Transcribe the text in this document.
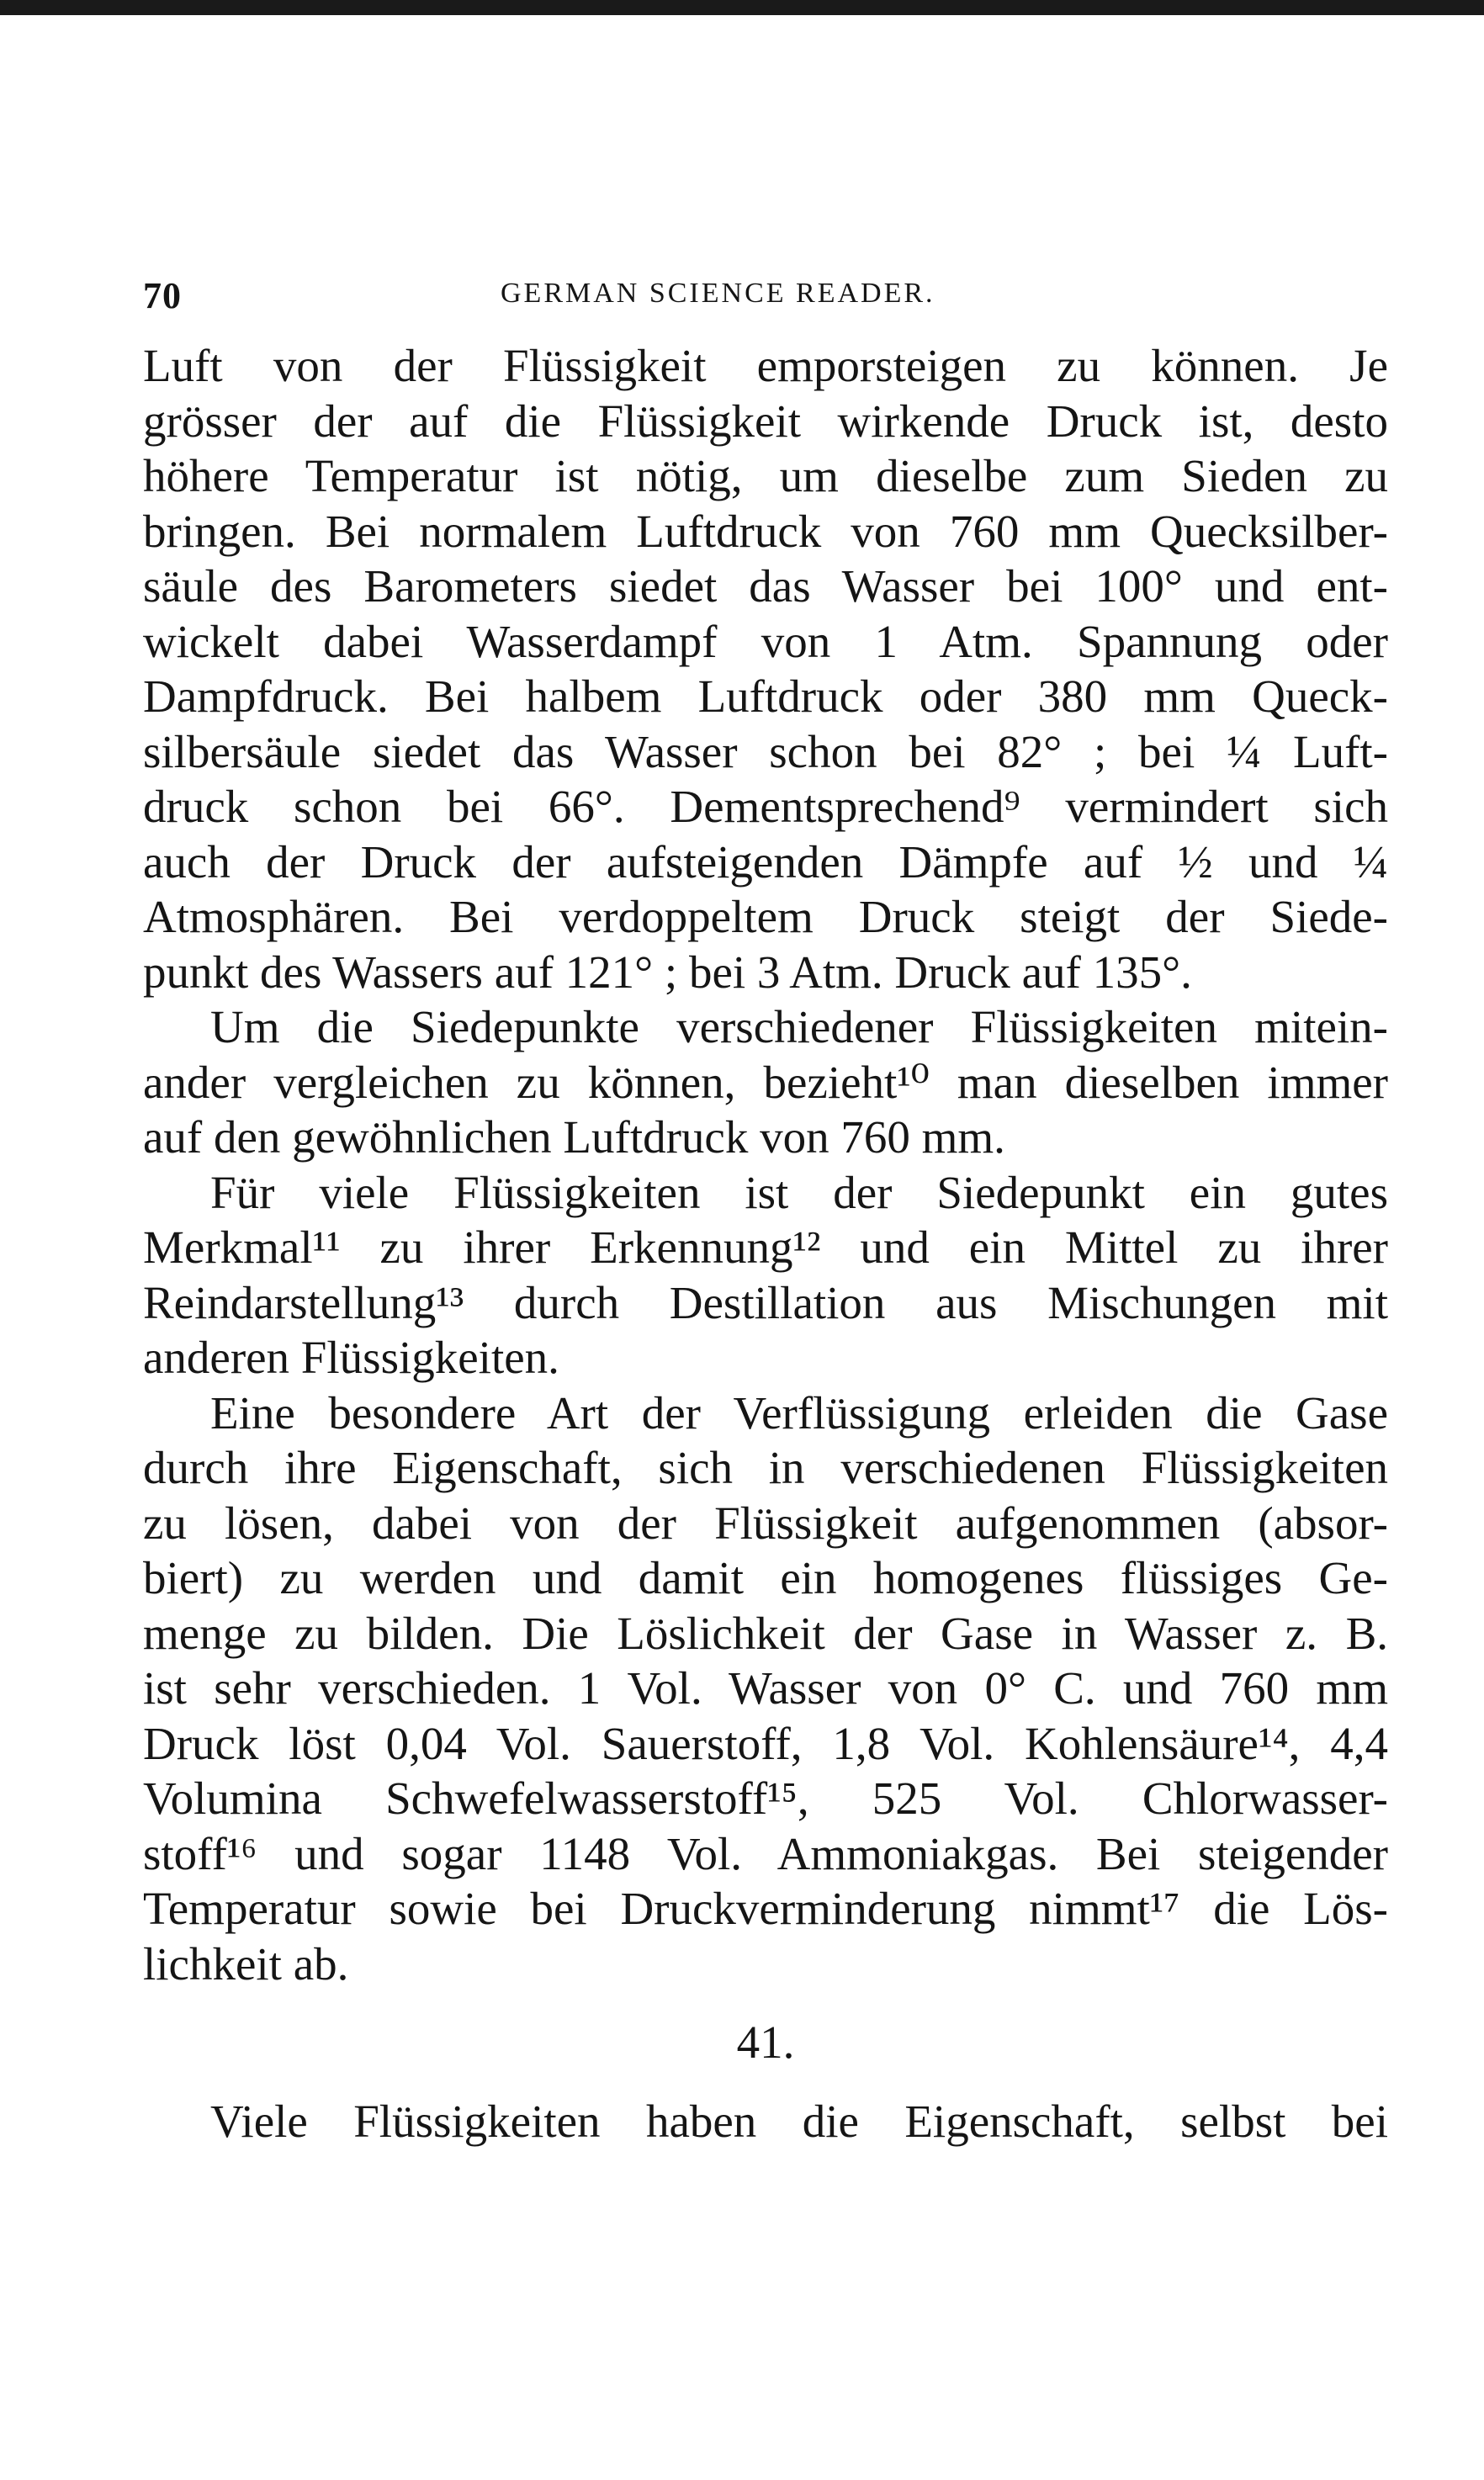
70	GERMAN SCIENCE READER.

Luft von der Flüssigkeit emporsteigen zu können. Je
grösser der auf die Flüssigkeit wirkende Druck ist, desto
höhere Temperatur ist nötig, um dieselbe zum Sieden zu
bringen. Bei normalem Luftdruck von 760 mm Quecksilber-
säule des Barometers siedet das Wasser bei 100° und ent-
wickelt dabei Wasserdampf von 1 Atm. Spannung oder
Dampfdruck. Bei halbem Luftdruck oder 380 mm Queck-
silbersäule siedet das Wasser schon bei 82° ; bei ¼ Luft-
druck schon bei 66°. Dementsprechend⁹ vermindert sich
auch der Druck der aufsteigenden Dämpfe auf ½ und ¼
Atmosphären. Bei verdoppeltem Druck steigt der Siede-
punkt des Wassers auf 121° ; bei 3 Atm. Druck auf 135°.

Um die Siedepunkte verschiedener Flüssigkeiten mitein-
ander vergleichen zu können, bezieht¹⁰ man dieselben immer
auf den gewöhnlichen Luftdruck von 760 mm.

Für viele Flüssigkeiten ist der Siedepunkt ein gutes
Merkmal¹¹ zu ihrer Erkennung¹² und ein Mittel zu ihrer
Reindarstellung¹³ durch Destillation aus Mischungen mit
anderen Flüssigkeiten.

Eine besondere Art der Verflüssigung erleiden die Gase
durch ihre Eigenschaft, sich in verschiedenen Flüssigkeiten
zu lösen, dabei von der Flüssigkeit aufgenommen (absor-
biert) zu werden und damit ein homogenes flüssiges Ge-
menge zu bilden. Die Löslichkeit der Gase in Wasser z. B.
ist sehr verschieden. 1 Vol. Wasser von 0° C. und 760 mm
Druck löst 0,04 Vol. Sauerstoff, 1,8 Vol. Kohlensäure¹⁴, 4,4
Volumina Schwefelwasserstoff¹⁵, 525 Vol. Chlorwasser-
stoff¹⁶ und sogar 1148 Vol. Ammoniakgas. Bei steigender
Temperatur sowie bei Druckverminderung nimmt¹⁷ die Lös-
lichkeit ab.

41.

Viele Flüssigkeiten haben die Eigenschaft, selbst bei
